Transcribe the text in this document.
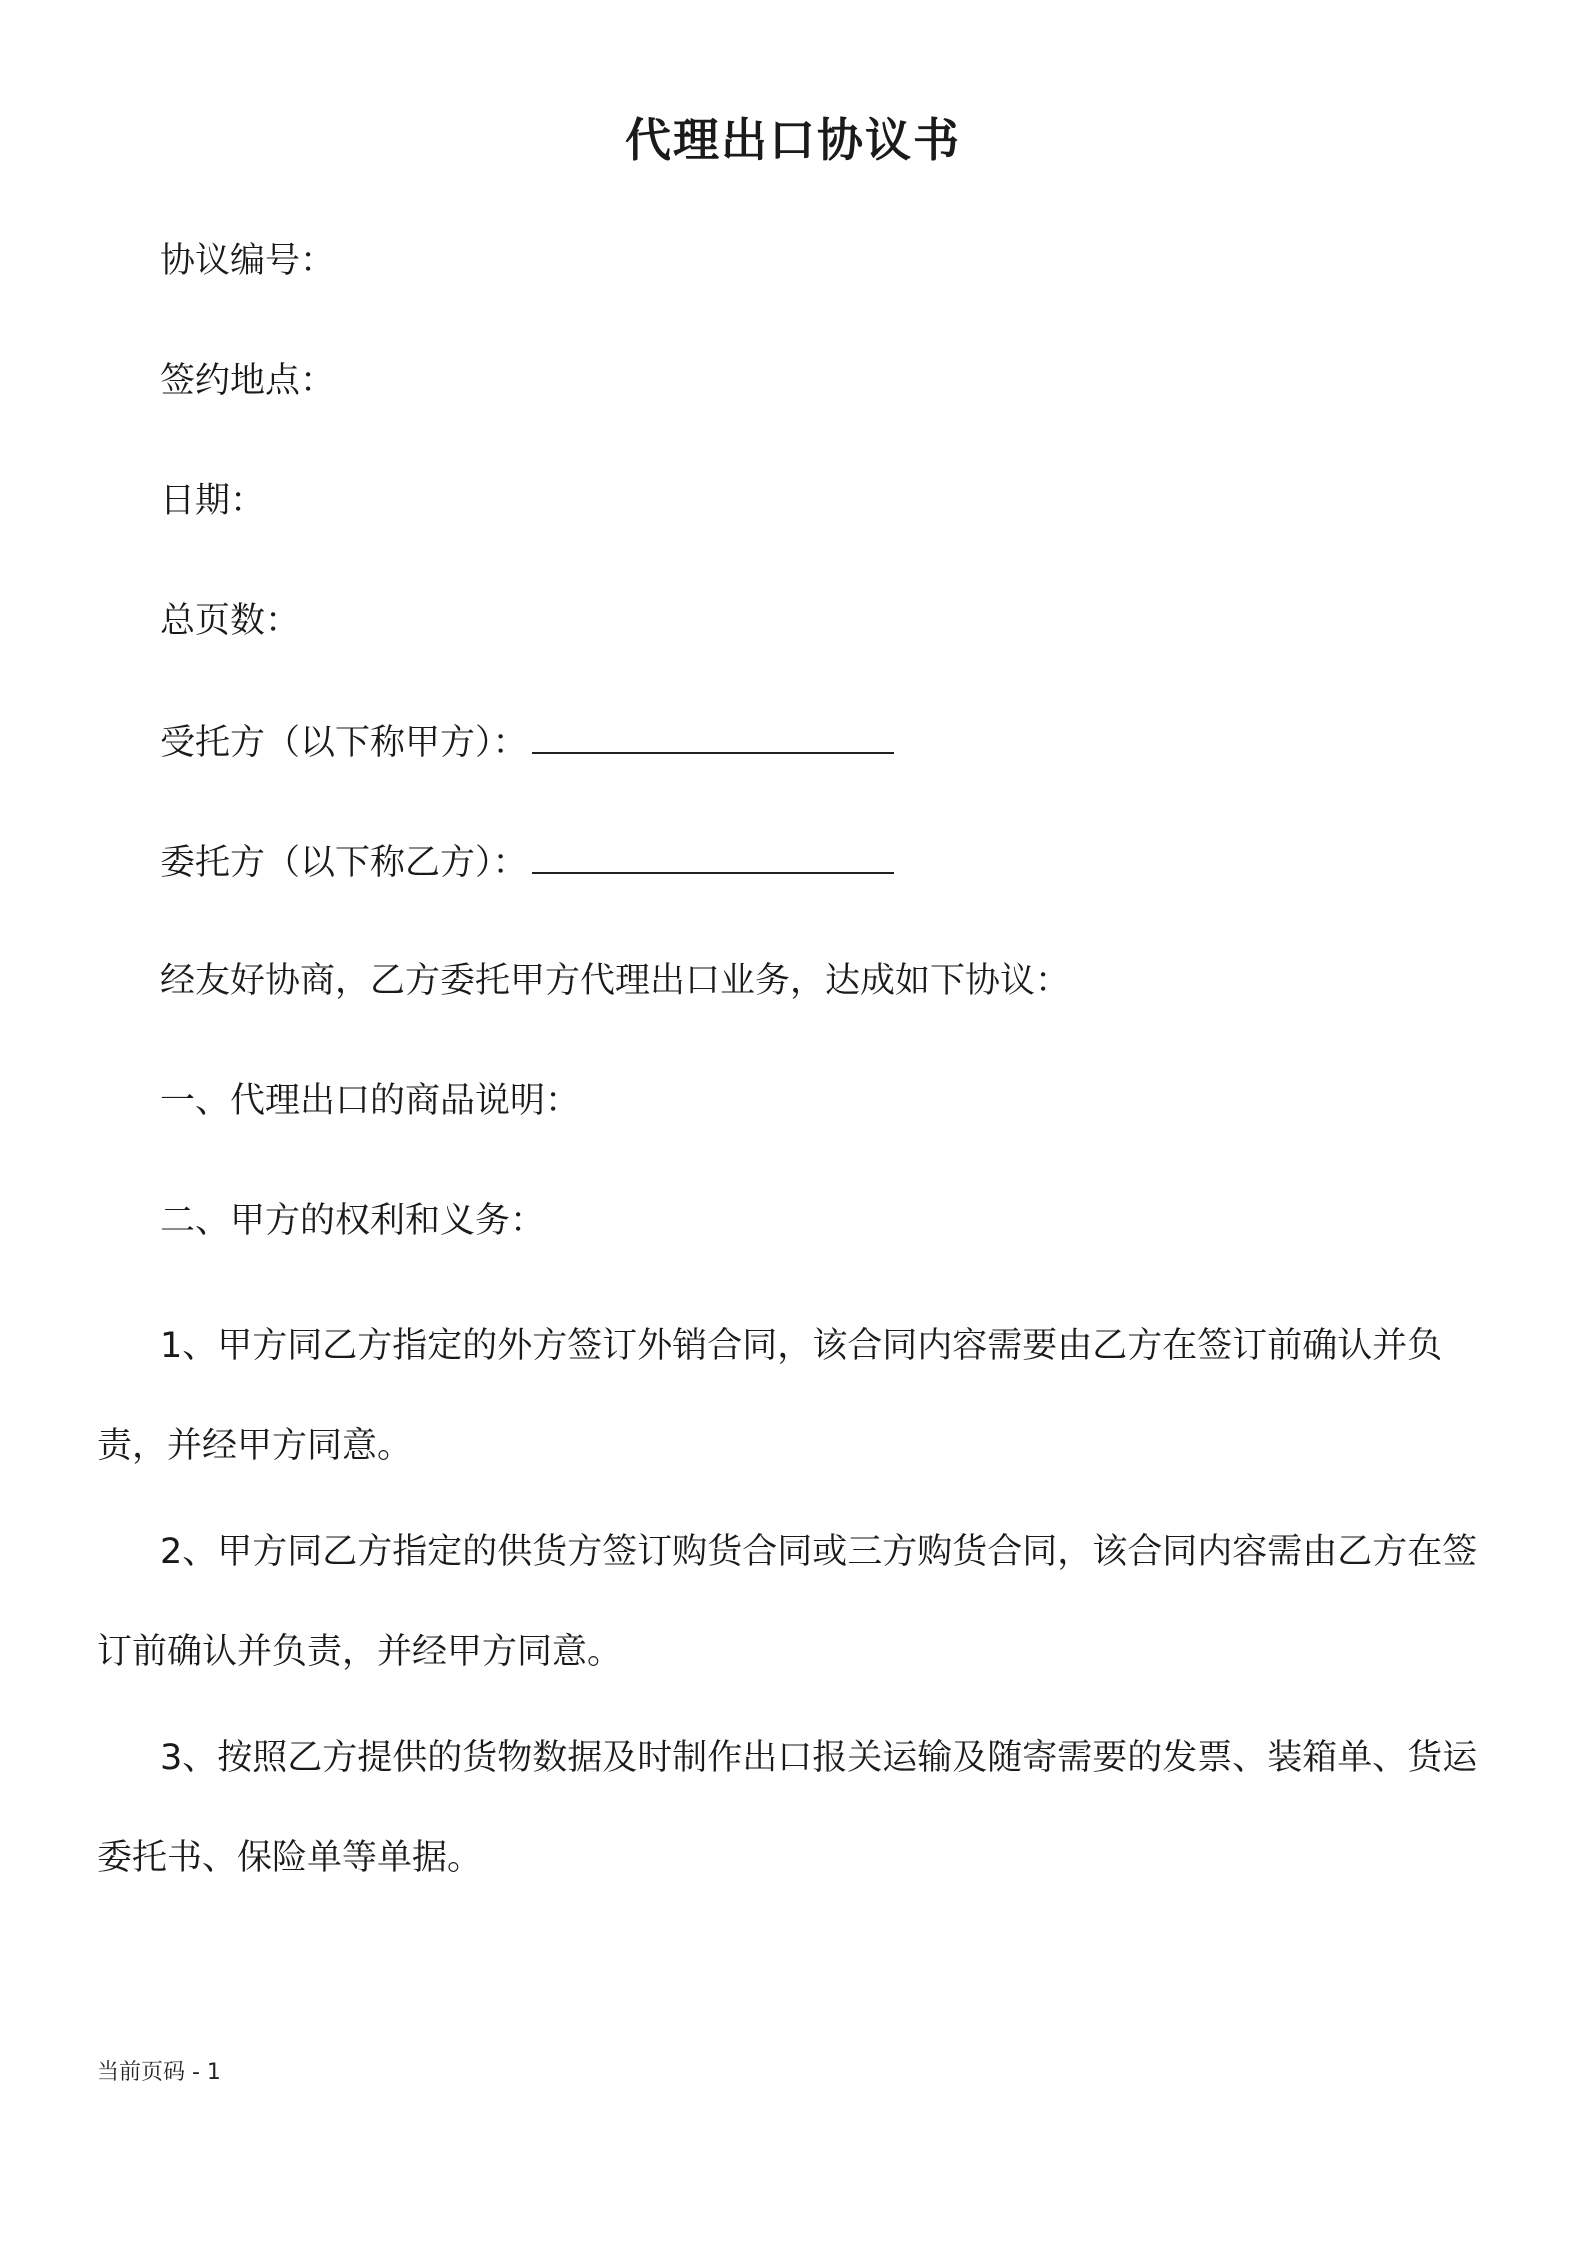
代理出口协议书
协议编号：
签约地点：
日期：
总页数：
受托方（以下称甲方）：
委托方（以下称乙方）：
经友好协商，乙方委托甲方代理出口业务，达成如下协议：
一、代理出口的商品说明：
二、甲方的权利和义务：
1、甲方同乙方指定的外方签订外销合同，该合同内容需要由乙方在签订前确认并负责，并经甲方同意。
2、甲方同乙方指定的供货方签订购货合同或三方购货合同，该合同内容需由乙方在签订前确认并负责，并经甲方同意。
3、按照乙方提供的货物数据及时制作出口报关运输及随寄需要的发票、装箱单、货运委托书、保险单等单据。
当前页码 - 1
